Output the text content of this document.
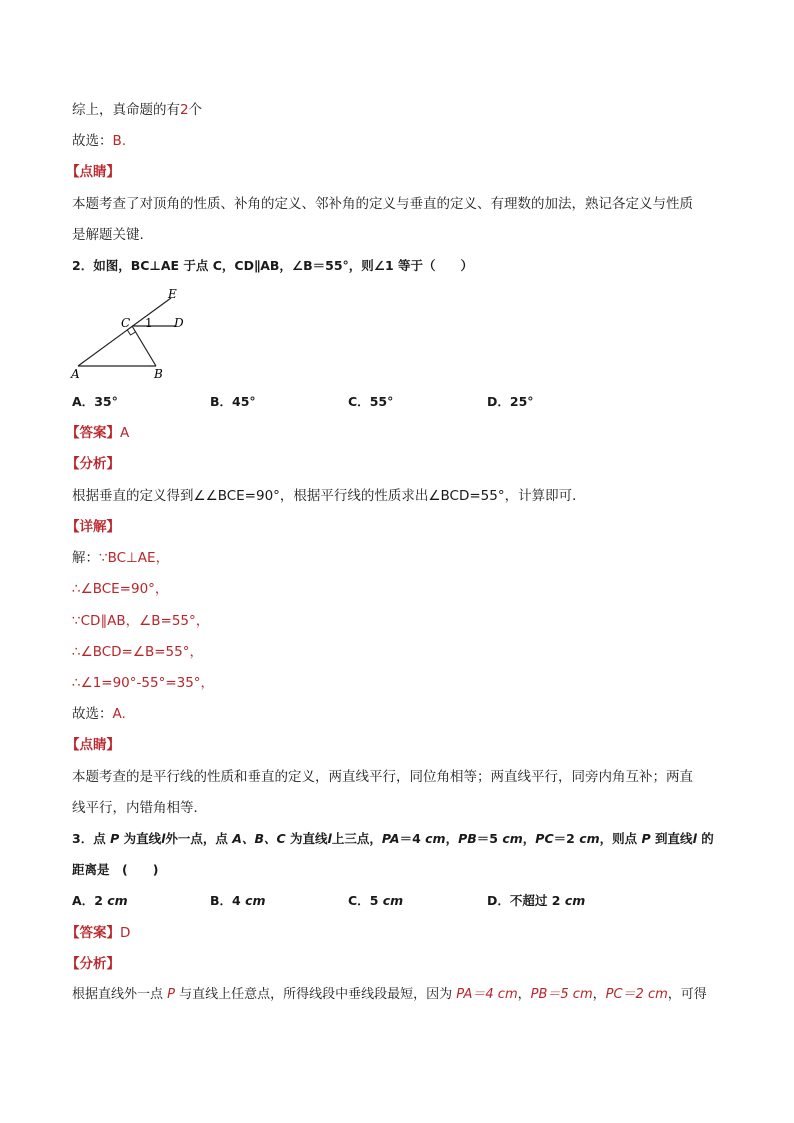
综上，真命题的有2个
故选：B.
【点睛】
本题考查了对顶角的性质、补角的定义、邻补角的定义与垂直的定义、有理数的加法，熟记各定义与性质
是解题关键.
2．如图，BC⊥AE 于点 C，CD∥AB，∠B＝55°，则∠1 等于（　　）
E
C 1 D
A	B
A．35°	B．45°	C．55°	D．25°
【答案】A
【分析】
根据垂直的定义得到∠∠BCE=90°，根据平行线的性质求出∠BCD=55°，计算即可．
【详解】
解：∵BC⊥AE，
∴∠BCE=90°，
∵CD∥AB，∠B=55°，
∴∠BCD=∠B=55°，
∴∠1=90°-55°=35°，
故选：A.
【点睛】
本题考查的是平行线的性质和垂直的定义，两直线平行，同位角相等；两直线平行，同旁内角互补；两直
线平行，内错角相等．
3．点 P 为直线l外一点，点 A、B、C 为直线l上三点，PA＝4 cm，PB＝5 cm，PC＝2 cm，则点 P 到直线l 的
距离是　(　　)
A．2 cm	B．4 cm	C．5 cm	D．不超过 2 cm
【答案】D
【分析】
根据直线外一点 P 与直线上任意点，所得线段中垂线段最短，因为 PA＝4 cm，PB＝5 cm，PC＝2 cm，可得
